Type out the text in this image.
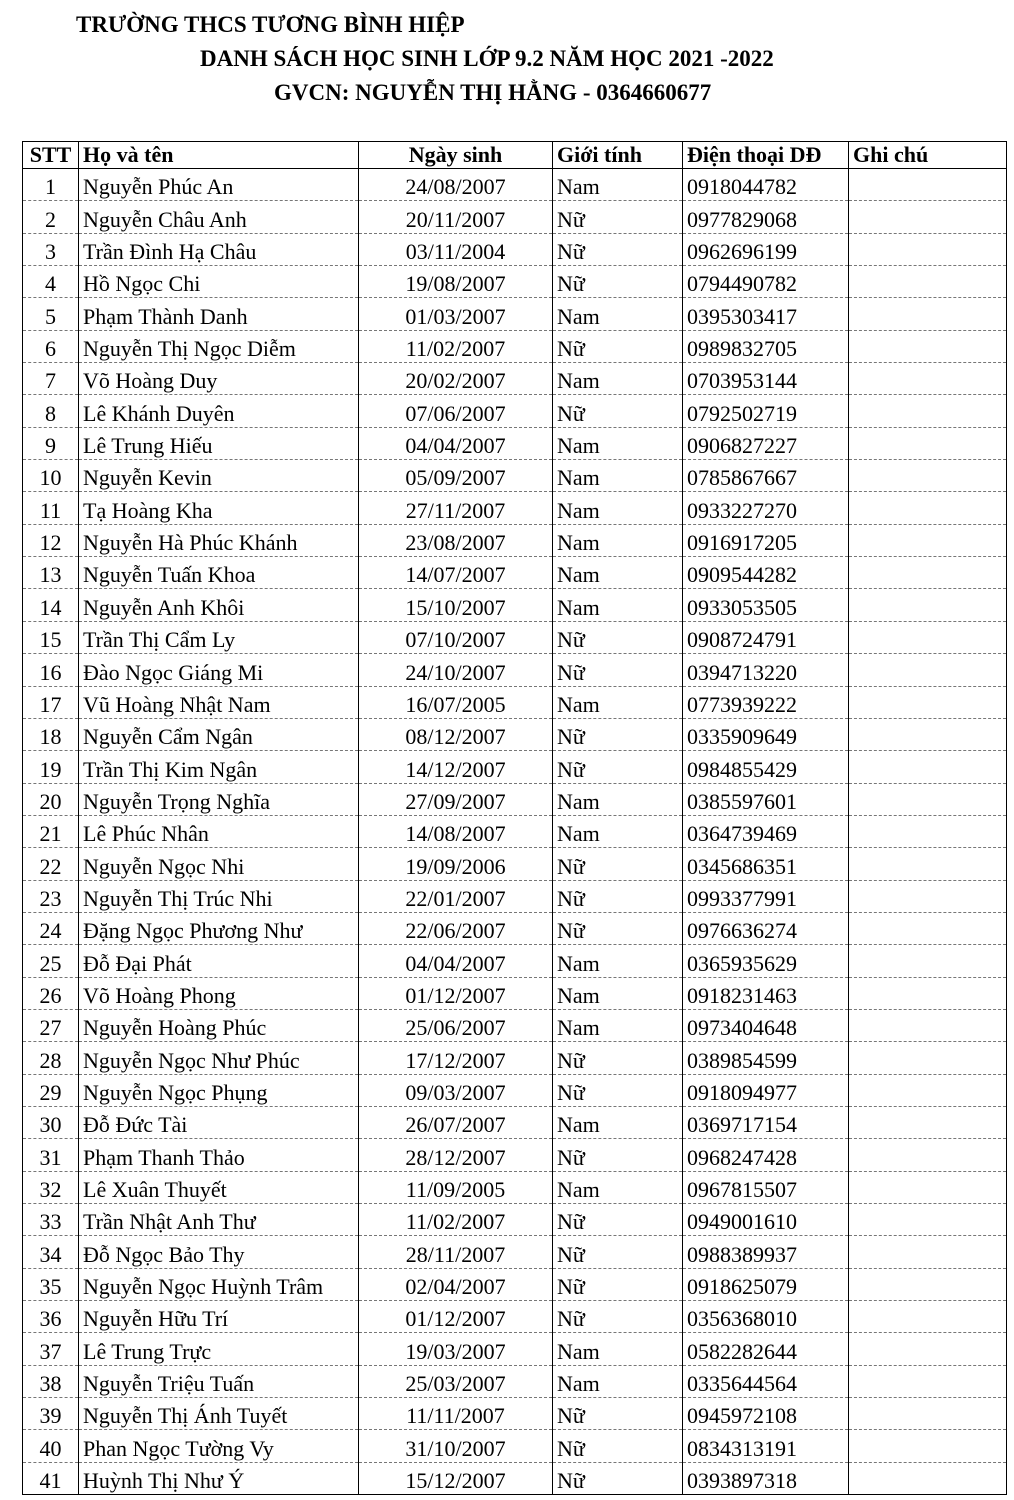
TRƯỜNG THCS TƯƠNG BÌNH HIỆP
DANH SÁCH HỌC SINH LỚP 9.2 NĂM HỌC 2021 -2022
GVCN: NGUYỄN THỊ HẰNG - 0364660677
STT	Họ và tên	Ngày sinh	Giới tính	Điện thoại DĐ	Ghi chú
1	Nguyễn Phúc An	24/08/2007	Nam	0918044782	
2	Nguyễn Châu Anh	20/11/2007	Nữ	0977829068	
3	Trần Đình Hạ Châu	03/11/2004	Nữ	0962696199	
4	Hồ Ngọc Chi	19/08/2007	Nữ	0794490782	
5	Phạm Thành Danh	01/03/2007	Nam	0395303417	
6	Nguyễn Thị Ngọc Diễm	11/02/2007	Nữ	0989832705	
7	Võ Hoàng Duy	20/02/2007	Nam	0703953144	
8	Lê Khánh Duyên	07/06/2007	Nữ	0792502719	
9	Lê Trung Hiếu	04/04/2007	Nam	0906827227	
10	Nguyễn Kevin	05/09/2007	Nam	0785867667	
11	Tạ Hoàng Kha	27/11/2007	Nam	0933227270	
12	Nguyễn Hà Phúc Khánh	23/08/2007	Nam	0916917205	
13	Nguyễn Tuấn Khoa	14/07/2007	Nam	0909544282	
14	Nguyễn Anh Khôi	15/10/2007	Nam	0933053505	
15	Trần Thị Cẩm Ly	07/10/2007	Nữ	0908724791	
16	Đào Ngọc Giáng Mi	24/10/2007	Nữ	0394713220	
17	Vũ Hoàng Nhật Nam	16/07/2005	Nam	0773939222	
18	Nguyễn Cẩm Ngân	08/12/2007	Nữ	0335909649	
19	Trần Thị Kim Ngân	14/12/2007	Nữ	0984855429	
20	Nguyễn Trọng Nghĩa	27/09/2007	Nam	0385597601	
21	Lê Phúc Nhân	14/08/2007	Nam	0364739469	
22	Nguyễn Ngọc Nhi	19/09/2006	Nữ	0345686351	
23	Nguyễn Thị Trúc Nhi	22/01/2007	Nữ	0993377991	
24	Đặng Ngọc Phương Như	22/06/2007	Nữ	0976636274	
25	Đỗ Đại Phát	04/04/2007	Nam	0365935629	
26	Võ Hoàng Phong	01/12/2007	Nam	0918231463	
27	Nguyễn Hoàng Phúc	25/06/2007	Nam	0973404648	
28	Nguyễn Ngọc Như Phúc	17/12/2007	Nữ	0389854599	
29	Nguyễn Ngọc Phụng	09/03/2007	Nữ	0918094977	
30	Đỗ Đức Tài	26/07/2007	Nam	0369717154	
31	Phạm Thanh Thảo	28/12/2007	Nữ	0968247428	
32	Lê Xuân Thuyết	11/09/2005	Nam	0967815507	
33	Trần Nhật Anh Thư	11/02/2007	Nữ	0949001610	
34	Đỗ Ngọc Bảo Thy	28/11/2007	Nữ	0988389937	
35	Nguyễn Ngọc Huỳnh Trâm	02/04/2007	Nữ	0918625079	
36	Nguyễn Hữu Trí	01/12/2007	Nữ	0356368010	
37	Lê Trung Trực	19/03/2007	Nam	0582282644	
38	Nguyễn Triệu Tuấn	25/03/2007	Nam	0335644564	
39	Nguyễn Thị Ánh Tuyết	11/11/2007	Nữ	0945972108	
40	Phan Ngọc Tường Vy	31/10/2007	Nữ	0834313191	
41	Huỳnh Thị Như Ý	15/12/2007	Nữ	0393897318	
